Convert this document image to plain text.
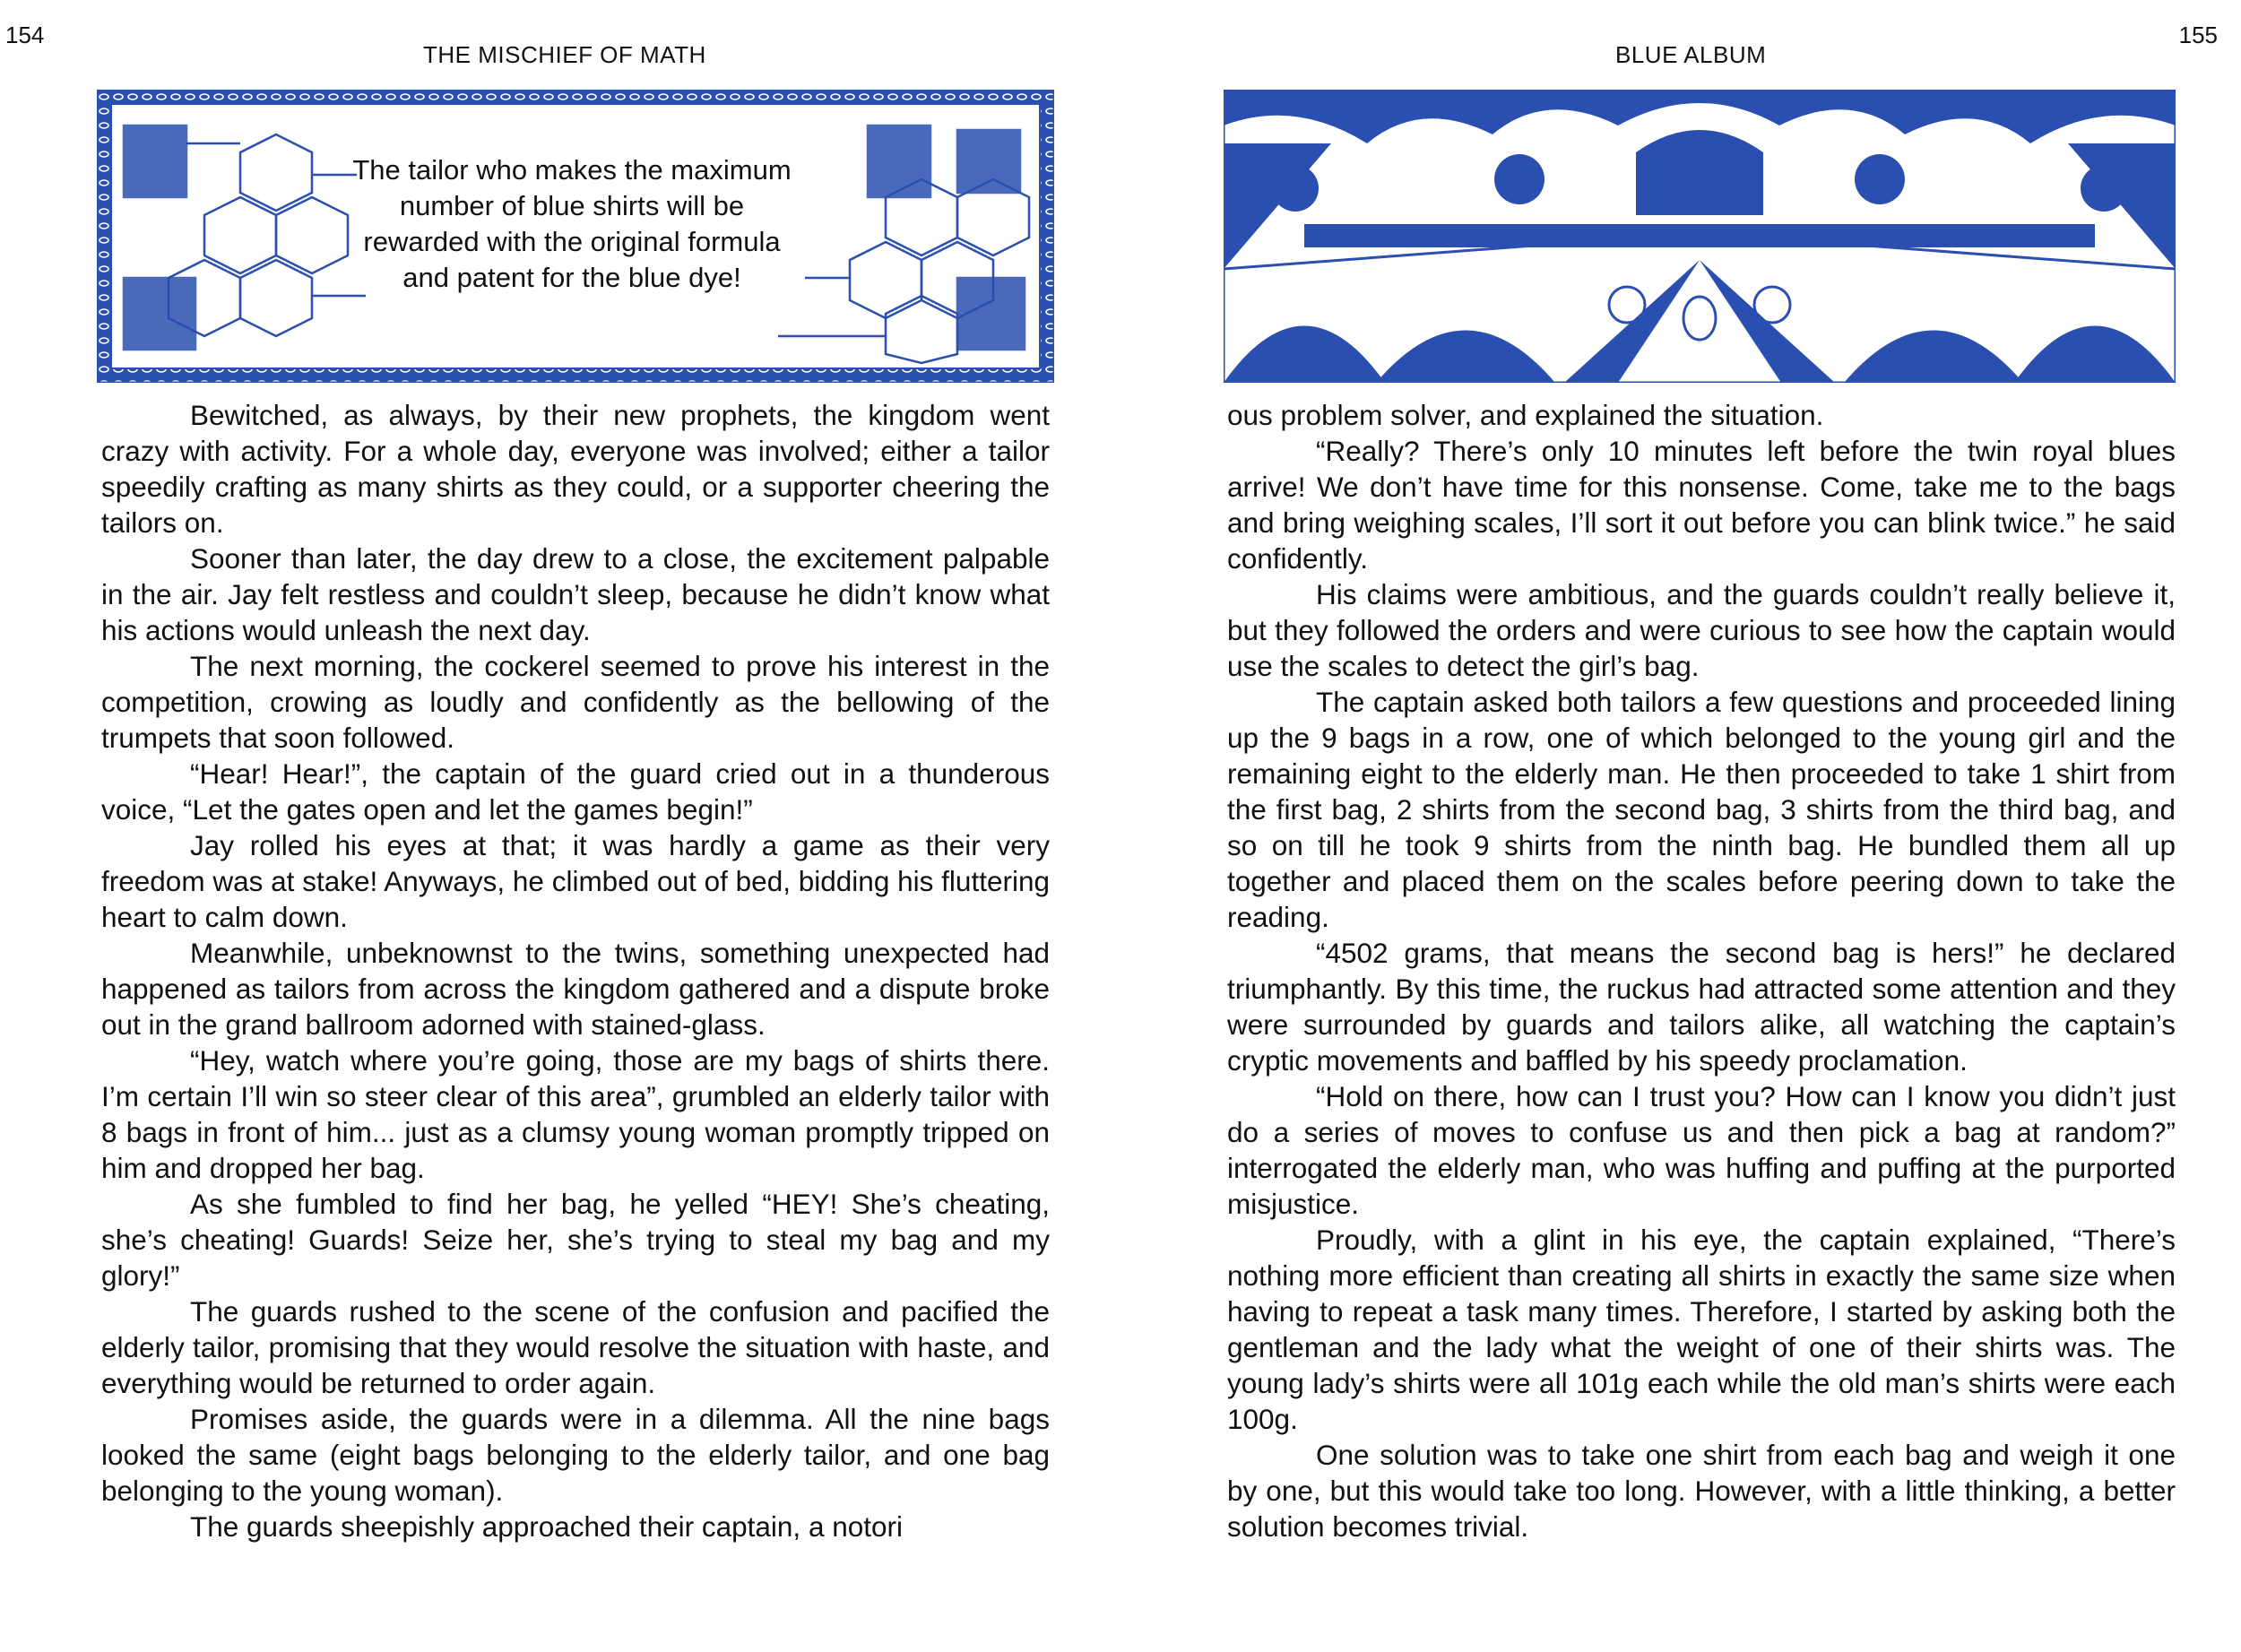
154
THE MISCHIEF OF MATH
The tailor who makes the maximum number of blue shirts will be rewarded with the original formula and patent for the blue dye!

Bewitched, as always, by their new prophets, the kingdom went crazy with activity. For a whole day, everyone was involved; either a tailor speedily crafting as many shirts as they could, or a supporter cheering the tailors on.

Sooner than later, the day drew to a close, the excitement palpable in the air. Jay felt restless and couldn’t sleep, because he didn’t know what his actions would unleash the next day.

The next morning, the cockerel seemed to prove his interest in the competition, crowing as loudly and confidently as the bellowing of the trumpets that soon followed.

“Hear! Hear!”, the captain of the guard cried out in a thunderous voice, “Let the gates open and let the games begin!”

Jay rolled his eyes at that; it was hardly a game as their very freedom was at stake! Anyways, he climbed out of bed, bidding his fluttering heart to calm down.

Meanwhile, unbeknownst to the twins, something unexpected had happened as tailors from across the kingdom gathered and a dispute broke out in the grand ballroom adorned with stained-glass.

“Hey, watch where you’re going, those are my bags of shirts there. I’m certain I’ll win so steer clear of this area”, grumbled an elderly tailor with 8 bags in front of him... just as a clumsy young woman promptly tripped on him and dropped her bag.

As she fumbled to find her bag, he yelled “HEY! She’s cheating, she’s cheating! Guards! Seize her, she’s trying to steal my bag and my glory!”

The guards rushed to the scene of the confusion and pacified the elderly tailor, promising that they would resolve the situation with haste, and everything would be returned to order again.

Promises aside, the guards were in a dilemma. All the nine bags looked the same (eight bags belonging to the elderly tailor, and one bag belonging to the young woman).

The guards sheepishly approached their captain, a notori

155
BLUE ALBUM

ous problem solver, and explained the situation.

“Really? There’s only 10 minutes left before the twin royal blues arrive! We don’t have time for this nonsense. Come, take me to the bags and bring weighing scales, I’ll sort it out before you can blink twice.” he said confidently.

His claims were ambitious, and the guards couldn’t really believe it, but they followed the orders and were curious to see how the captain would use the scales to detect the girl’s bag.

The captain asked both tailors a few questions and proceeded lining up the 9 bags in a row, one of which belonged to the young girl and the remaining eight to the elderly man. He then proceeded to take 1 shirt from the first bag, 2 shirts from the second bag, 3 shirts from the third bag, and so on till he took 9 shirts from the ninth bag. He bundled them all up together and placed them on the scales before peering down to take the reading.

“4502 grams, that means the second bag is hers!” he declared triumphantly. By this time, the ruckus had attracted some attention and they were surrounded by guards and tailors alike, all watching the captain’s cryptic movements and baffled by his speedy proclamation.

“Hold on there, how can I trust you? How can I know you didn’t just do a series of moves to confuse us and then pick a bag at random?” interrogated the elderly man, who was huffing and puffing at the purported misjustice.

Proudly, with a glint in his eye, the captain explained, “There’s nothing more efficient than creating all shirts in exactly the same size when having to repeat a task many times. Therefore, I started by asking both the gentleman and the lady what the weight of one of their shirts was. The young lady’s shirts were all 101g each while the old man’s shirts were each 100g.

One solution was to take one shirt from each bag and weigh it one by one, but this would take too long. However, with a little thinking, a better solution becomes trivial.
